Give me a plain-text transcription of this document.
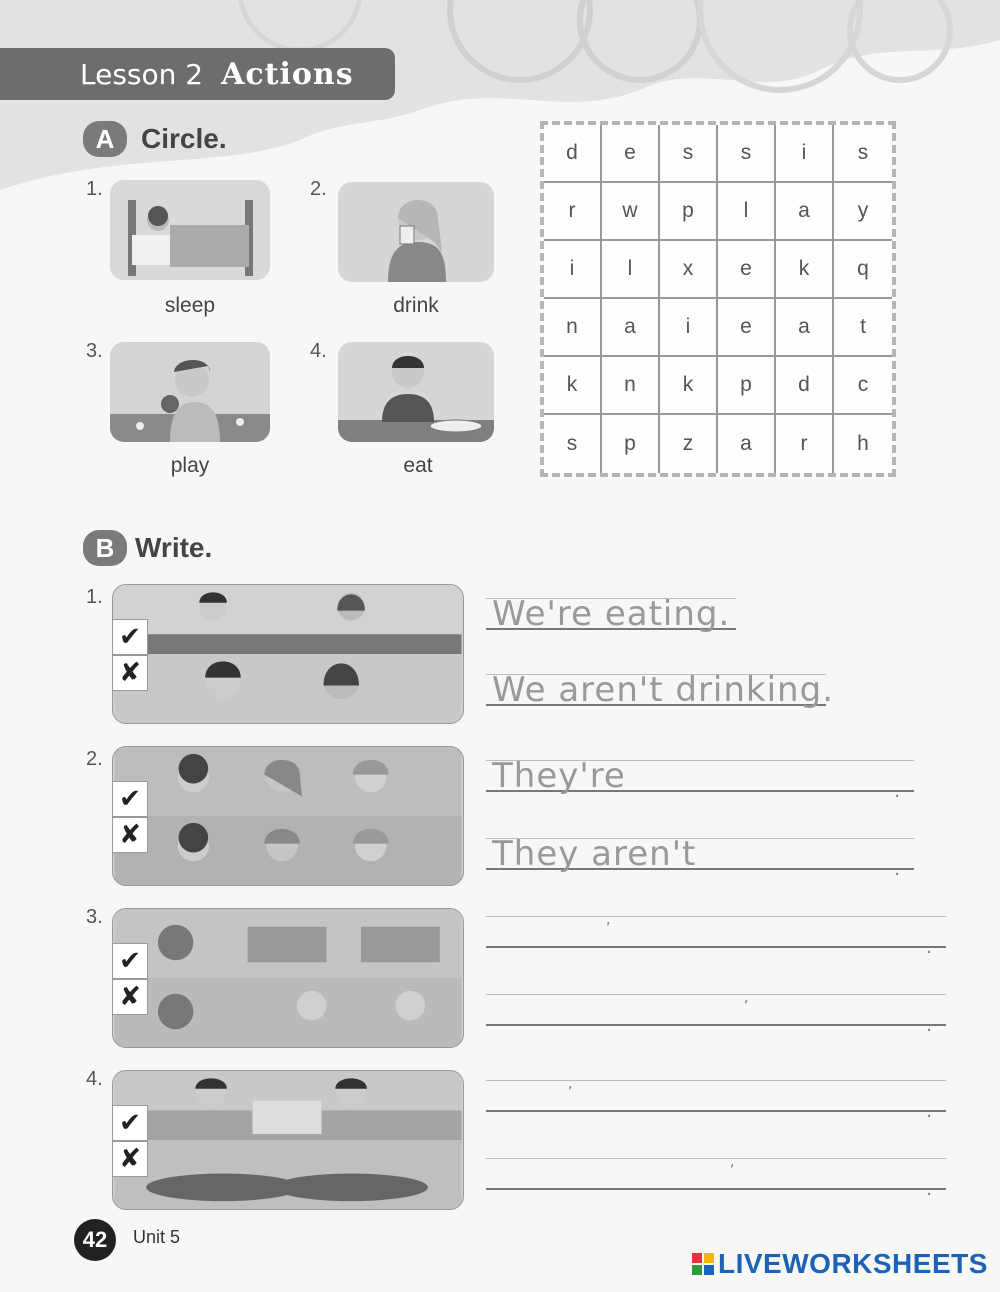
Lesson 2 Actions
A Circle.
1.
sleep
2.
drink
3.
play
4.
eat
d	e	s	s	i	s
r	w	p	l	a	y
i	l	x	e	k	q
n	a	i	e	a	t
k	n	k	p	d	c
s	p	z	a	r	h
B Write.
1.
✔
✘
We're eating.
We aren't drinking.
2.
✔
✘
They're	.
They aren't	.
3.
✔
✘
,
.
,
.
4.
✔
✘
,
.
,
.
42	Unit 5
LIVEWORKSHEETS
